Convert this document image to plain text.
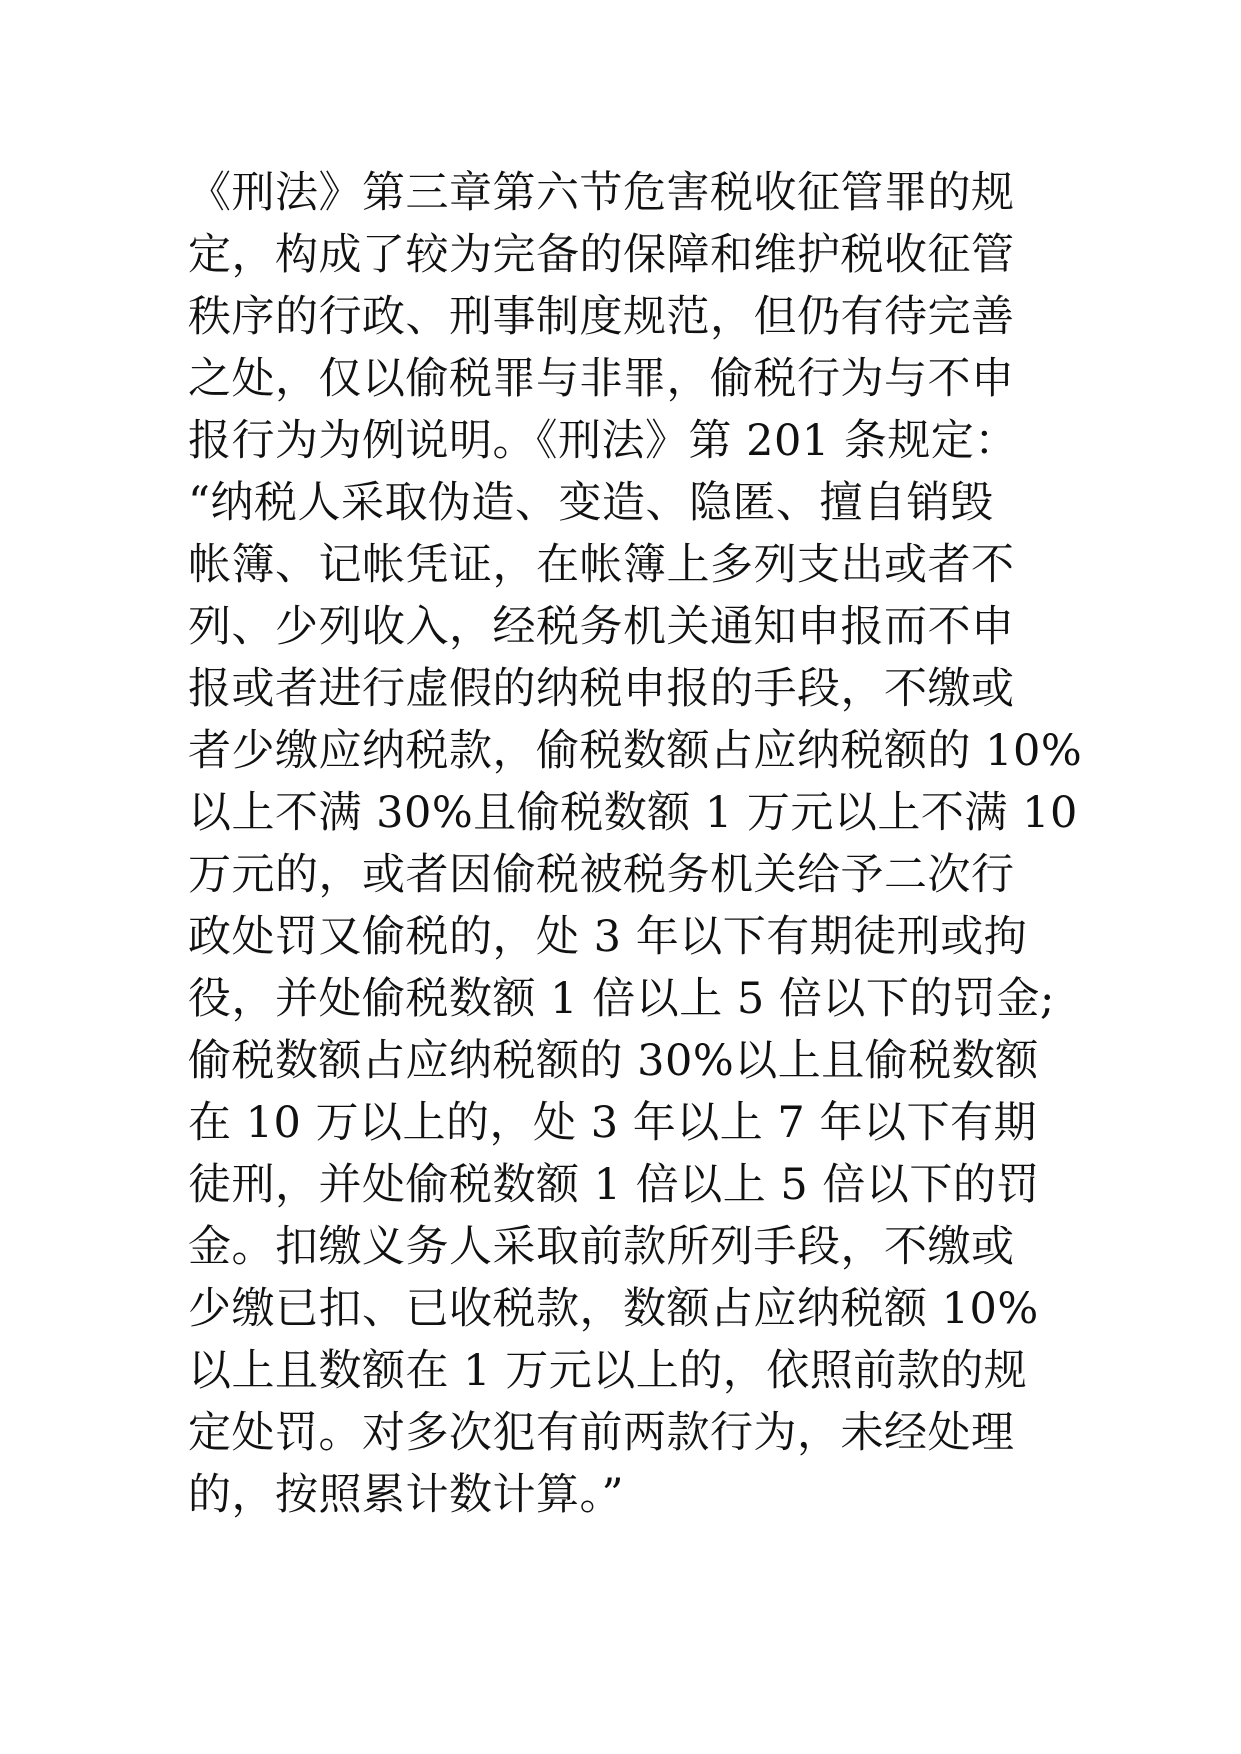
《刑法》第三章第六节危害税收征管罪的规
定，构成了较为完备的保障和维护税收征管
秩序的行政、刑事制度规范，但仍有待完善
之处，仅以偷税罪与非罪，偷税行为与不申
报行为为例说明。《刑法》第 201 条规定：
“纳税人采取伪造、变造、隐匿、擅自销毁
帐簿、记帐凭证，在帐簿上多列支出或者不
列、少列收入，经税务机关通知申报而不申
报或者进行虚假的纳税申报的手段，不缴或
者少缴应纳税款，偷税数额占应纳税额的 10%
以上不满 30%且偷税数额 1 万元以上不满 10
万元的，或者因偷税被税务机关给予二次行
政处罚又偷税的，处 3 年以下有期徒刑或拘
役，并处偷税数额 1 倍以上 5 倍以下的罚金;
偷税数额占应纳税额的 30%以上且偷税数额
在 10 万以上的，处 3 年以上 7 年以下有期
徒刑，并处偷税数额 1 倍以上 5 倍以下的罚
金。扣缴义务人采取前款所列手段，不缴或
少缴已扣、已收税款，数额占应纳税额 10%
以上且数额在 1 万元以上的，依照前款的规
定处罚。对多次犯有前两款行为，未经处理
的，按照累计数计算。”
